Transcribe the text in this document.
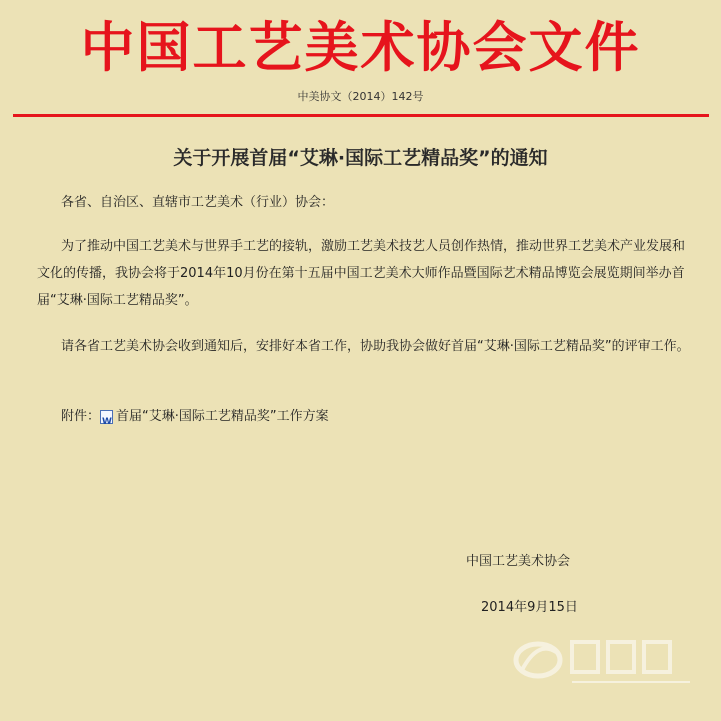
中国工艺美术协会文件
中美协文（2014）142号
关于开展首届“艾琳·国际工艺精品奖”的通知

各省、自治区、直辖市工艺美术（行业）协会：

为了推动中国工艺美术与世界手工艺的接轨，激励工艺美术技艺人员创作热情，推动世界工艺美术产业发展和文化的传播，我协会将于2014年10月份在第十五届中国工艺美术大师作品暨国际艺术精品博览会展览期间举办首届“艾琳·国际工艺精品奖”。

请各省工艺美术协会收到通知后，安排好本省工作，协助我协会做好首届“艾琳·国际工艺精品奖”的评审工作。

附件：
W 首届“艾琳·国际工艺精品奖”工作方案
中国工艺美术协会
2014年9月15日
